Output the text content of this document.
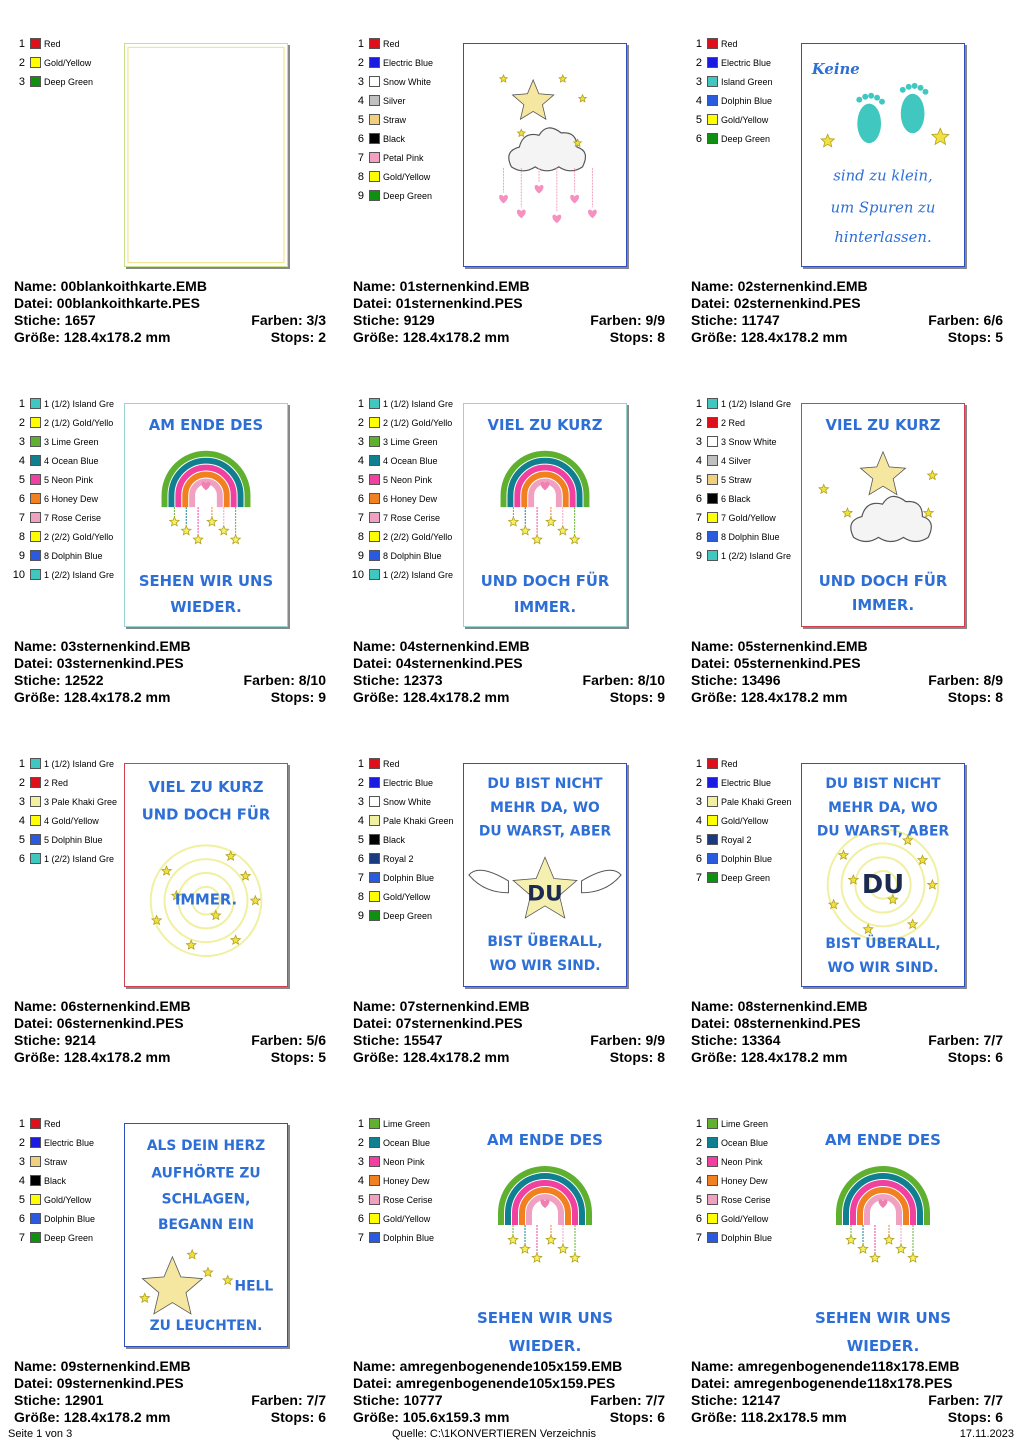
1 Red
2 Gold/Yellow
3 Deep Green
Name: 00blankoithkarte.EMB
Datei: 00blankoithkarte.PES
Stiche: 1657	Farben: 3/3
Größe: 128.4x178.2 mm	Stops: 2
1 Red
2 Electric Blue
3 Snow White
4 Silver
5 Straw
6 Black
7 Petal Pink
8 Gold/Yellow
9 Deep Green
Name: 01sternenkind.EMB
Datei: 01sternenkind.PES
Stiche: 9129	Farben: 9/9
Größe: 128.4x178.2 mm	Stops: 8
1 Red
2 Electric Blue
3 Island Green
4 Dolphin Blue
5 Gold/Yellow
6 Deep Green
Keine
sind zu klein,
um Spuren zu
hinterlassen.
Name: 02sternenkind.EMB
Datei: 02sternenkind.PES
Stiche: 11747	Farben: 6/6
Größe: 128.4x178.2 mm	Stops: 5
1 1 (1/2) Island Gre
2 2 (1/2) Gold/Yello
3 3 Lime Green
4 4 Ocean Blue
5 5 Neon Pink
6 6 Honey Dew
7 7 Rose Cerise
8 2 (2/2) Gold/Yello
9 8 Dolphin Blue
10 1 (2/2) Island Gre
AM ENDE DES
SEHEN WIR UNS
WIEDER.
Name: 03sternenkind.EMB
Datei: 03sternenkind.PES
Stiche: 12522	Farben: 8/10
Größe: 128.4x178.2 mm	Stops: 9
1 1 (1/2) Island Gre
2 2 (1/2) Gold/Yello
3 3 Lime Green
4 4 Ocean Blue
5 5 Neon Pink
6 6 Honey Dew
7 7 Rose Cerise
8 2 (2/2) Gold/Yello
9 8 Dolphin Blue
10 1 (2/2) Island Gre
VIEL ZU KURZ
UND DOCH FÜR
IMMER.
Name: 04sternenkind.EMB
Datei: 04sternenkind.PES
Stiche: 12373	Farben: 8/10
Größe: 128.4x178.2 mm	Stops: 9
1 1 (1/2) Island Gre
2 2 Red
3 3 Snow White
4 4 Silver
5 5 Straw
6 6 Black
7 7 Gold/Yellow
8 8 Dolphin Blue
9 1 (2/2) Island Gre
VIEL ZU KURZ
UND DOCH FÜR
IMMER.
Name: 05sternenkind.EMB
Datei: 05sternenkind.PES
Stiche: 13496	Farben: 8/9
Größe: 128.4x178.2 mm	Stops: 8
1 1 (1/2) Island Gre
2 2 Red
3 3 Pale Khaki Gree
4 4 Gold/Yellow
5 5 Dolphin Blue
6 1 (2/2) Island Gre
VIEL ZU KURZ
UND DOCH FÜR
IMMER.
Name: 06sternenkind.EMB
Datei: 06sternenkind.PES
Stiche: 9214	Farben: 5/6
Größe: 128.4x178.2 mm	Stops: 5
1 Red
2 Electric Blue
3 Snow White
4 Pale Khaki Green
5 Black
6 Royal 2
7 Dolphin Blue
8 Gold/Yellow
9 Deep Green
DU BIST NICHT
MEHR DA, WO
DU WARST, ABER
DU
BIST ÜBERALL,
WO WIR SIND.
Name: 07sternenkind.EMB
Datei: 07sternenkind.PES
Stiche: 15547	Farben: 9/9
Größe: 128.4x178.2 mm	Stops: 8
1 Red
2 Electric Blue
3 Pale Khaki Green
4 Gold/Yellow
5 Royal 2
6 Dolphin Blue
7 Deep Green
DU BIST NICHT
MEHR DA, WO
DU WARST, ABER
DU
BIST ÜBERALL,
WO WIR SIND.
Name: 08sternenkind.EMB
Datei: 08sternenkind.PES
Stiche: 13364	Farben: 7/7
Größe: 128.4x178.2 mm	Stops: 6
1 Red
2 Electric Blue
3 Straw
4 Black
5 Gold/Yellow
6 Dolphin Blue
7 Deep Green
ALS DEIN HERZ
AUFHÖRTE ZU
SCHLAGEN,
BEGANN EIN
HELL
ZU LEUCHTEN.
Name: 09sternenkind.EMB
Datei: 09sternenkind.PES
Stiche: 12901	Farben: 7/7
Größe: 128.4x178.2 mm	Stops: 6
1 Lime Green
2 Ocean Blue
3 Neon Pink
4 Honey Dew
5 Rose Cerise
6 Gold/Yellow
7 Dolphin Blue
AM ENDE DES
SEHEN WIR UNS
WIEDER.
Name: amregenbogenende105x159.EMB
Datei: amregenbogenende105x159.PES
Stiche: 10777	Farben: 7/7
Größe: 105.6x159.3 mm	Stops: 6
1 Lime Green
2 Ocean Blue
3 Neon Pink
4 Honey Dew
5 Rose Cerise
6 Gold/Yellow
7 Dolphin Blue
AM ENDE DES
SEHEN WIR UNS
WIEDER.
Name: amregenbogenende118x178.EMB
Datei: amregenbogenende118x178.PES
Stiche: 12147	Farben: 7/7
Größe: 118.2x178.5 mm	Stops: 6
Seite 1 von 3	Quelle: C:\1KONVERTIEREN Verzeichnis	17.11.2023
